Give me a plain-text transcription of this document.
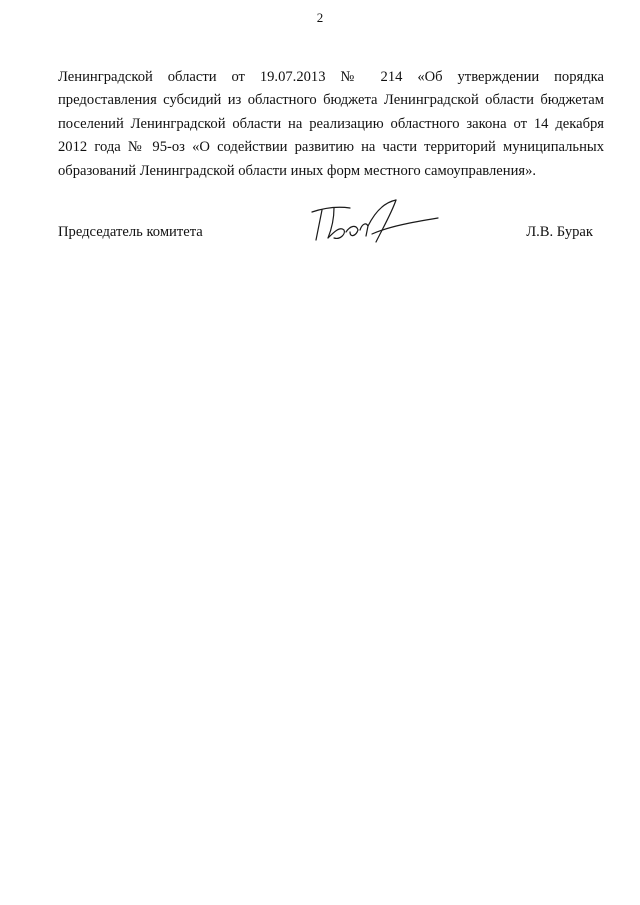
2
Ленинградской области от 19.07.2013 № 214 «Об утверждении порядка
предоставления субсидий из областного бюджета Ленинградской области бюджетам
поселений Ленинградской области на реализацию областного закона от 14 декабря
2012 года № 95-оз «О содействии развитию на части территорий муниципальных
образований Ленинградской области иных форм местного самоуправления».
Председатель комитета	Л.В. Бурак
